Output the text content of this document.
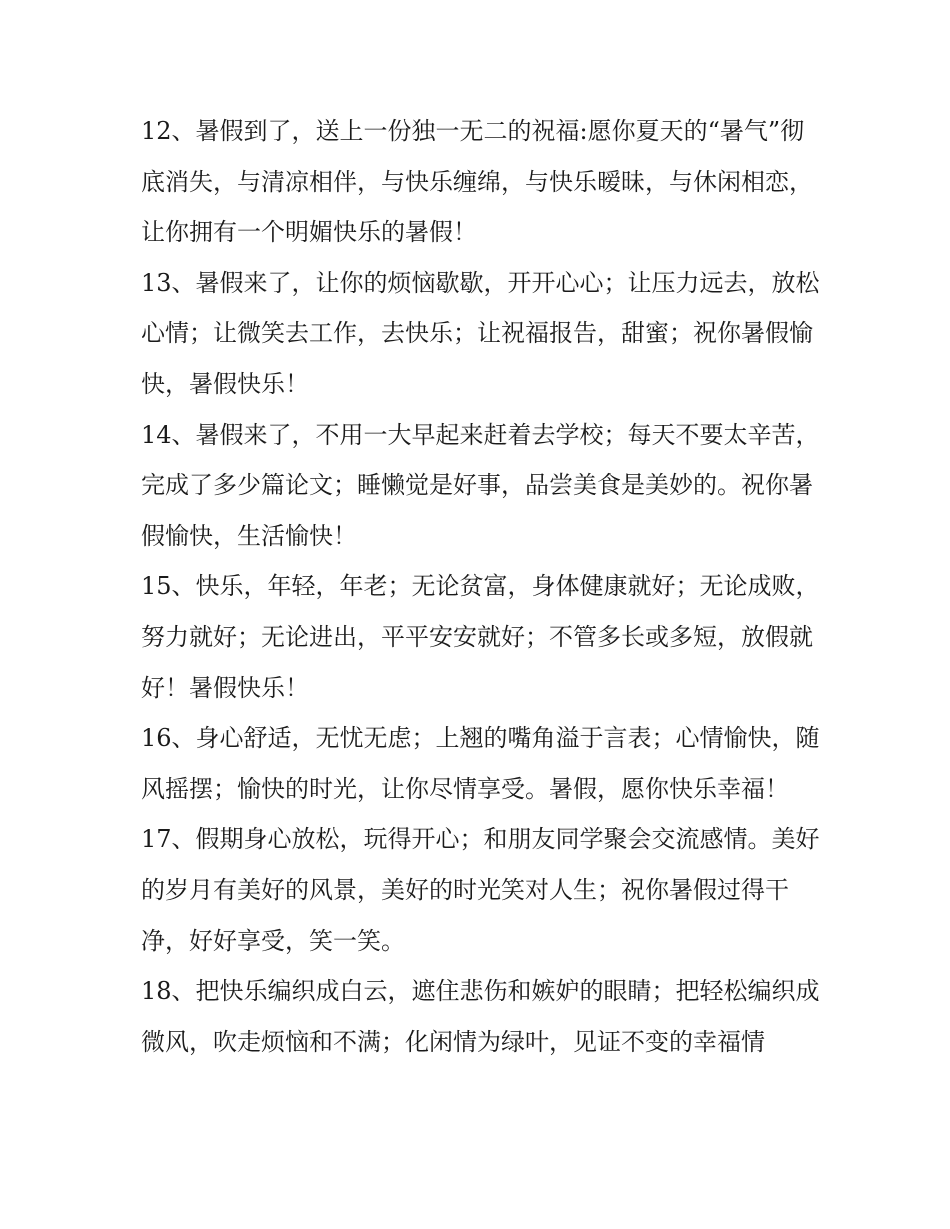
12、暑假到了，送上一份独一无二的祝福:愿你夏天的“暑气”彻底消失，与清凉相伴，与快乐缠绵，与快乐暧昧，与休闲相恋，让你拥有一个明媚快乐的暑假！

13、暑假来了，让你的烦恼歇歇，开开心心；让压力远去，放松心情；让微笑去工作，去快乐；让祝福报告，甜蜜；祝你暑假愉快，暑假快乐！

14、暑假来了，不用一大早起来赶着去学校；每天不要太辛苦，完成了多少篇论文；睡懒觉是好事，品尝美食是美妙的。祝你暑假愉快，生活愉快！

15、快乐，年轻，年老；无论贫富，身体健康就好；无论成败，努力就好；无论进出，平平安安就好；不管多长或多短，放假就好！暑假快乐！

16、身心舒适，无忧无虑；上翘的嘴角溢于言表；心情愉快，随风摇摆；愉快的时光，让你尽情享受。暑假，愿你快乐幸福！

17、假期身心放松，玩得开心；和朋友同学聚会交流感情。美好的岁月有美好的风景，美好的时光笑对人生；祝你暑假过得干净，好好享受，笑一笑。

18、把快乐编织成白云，遮住悲伤和嫉妒的眼睛；把轻松编织成微风，吹走烦恼和不满；化闲情为绿叶，见证不变的幸福情
